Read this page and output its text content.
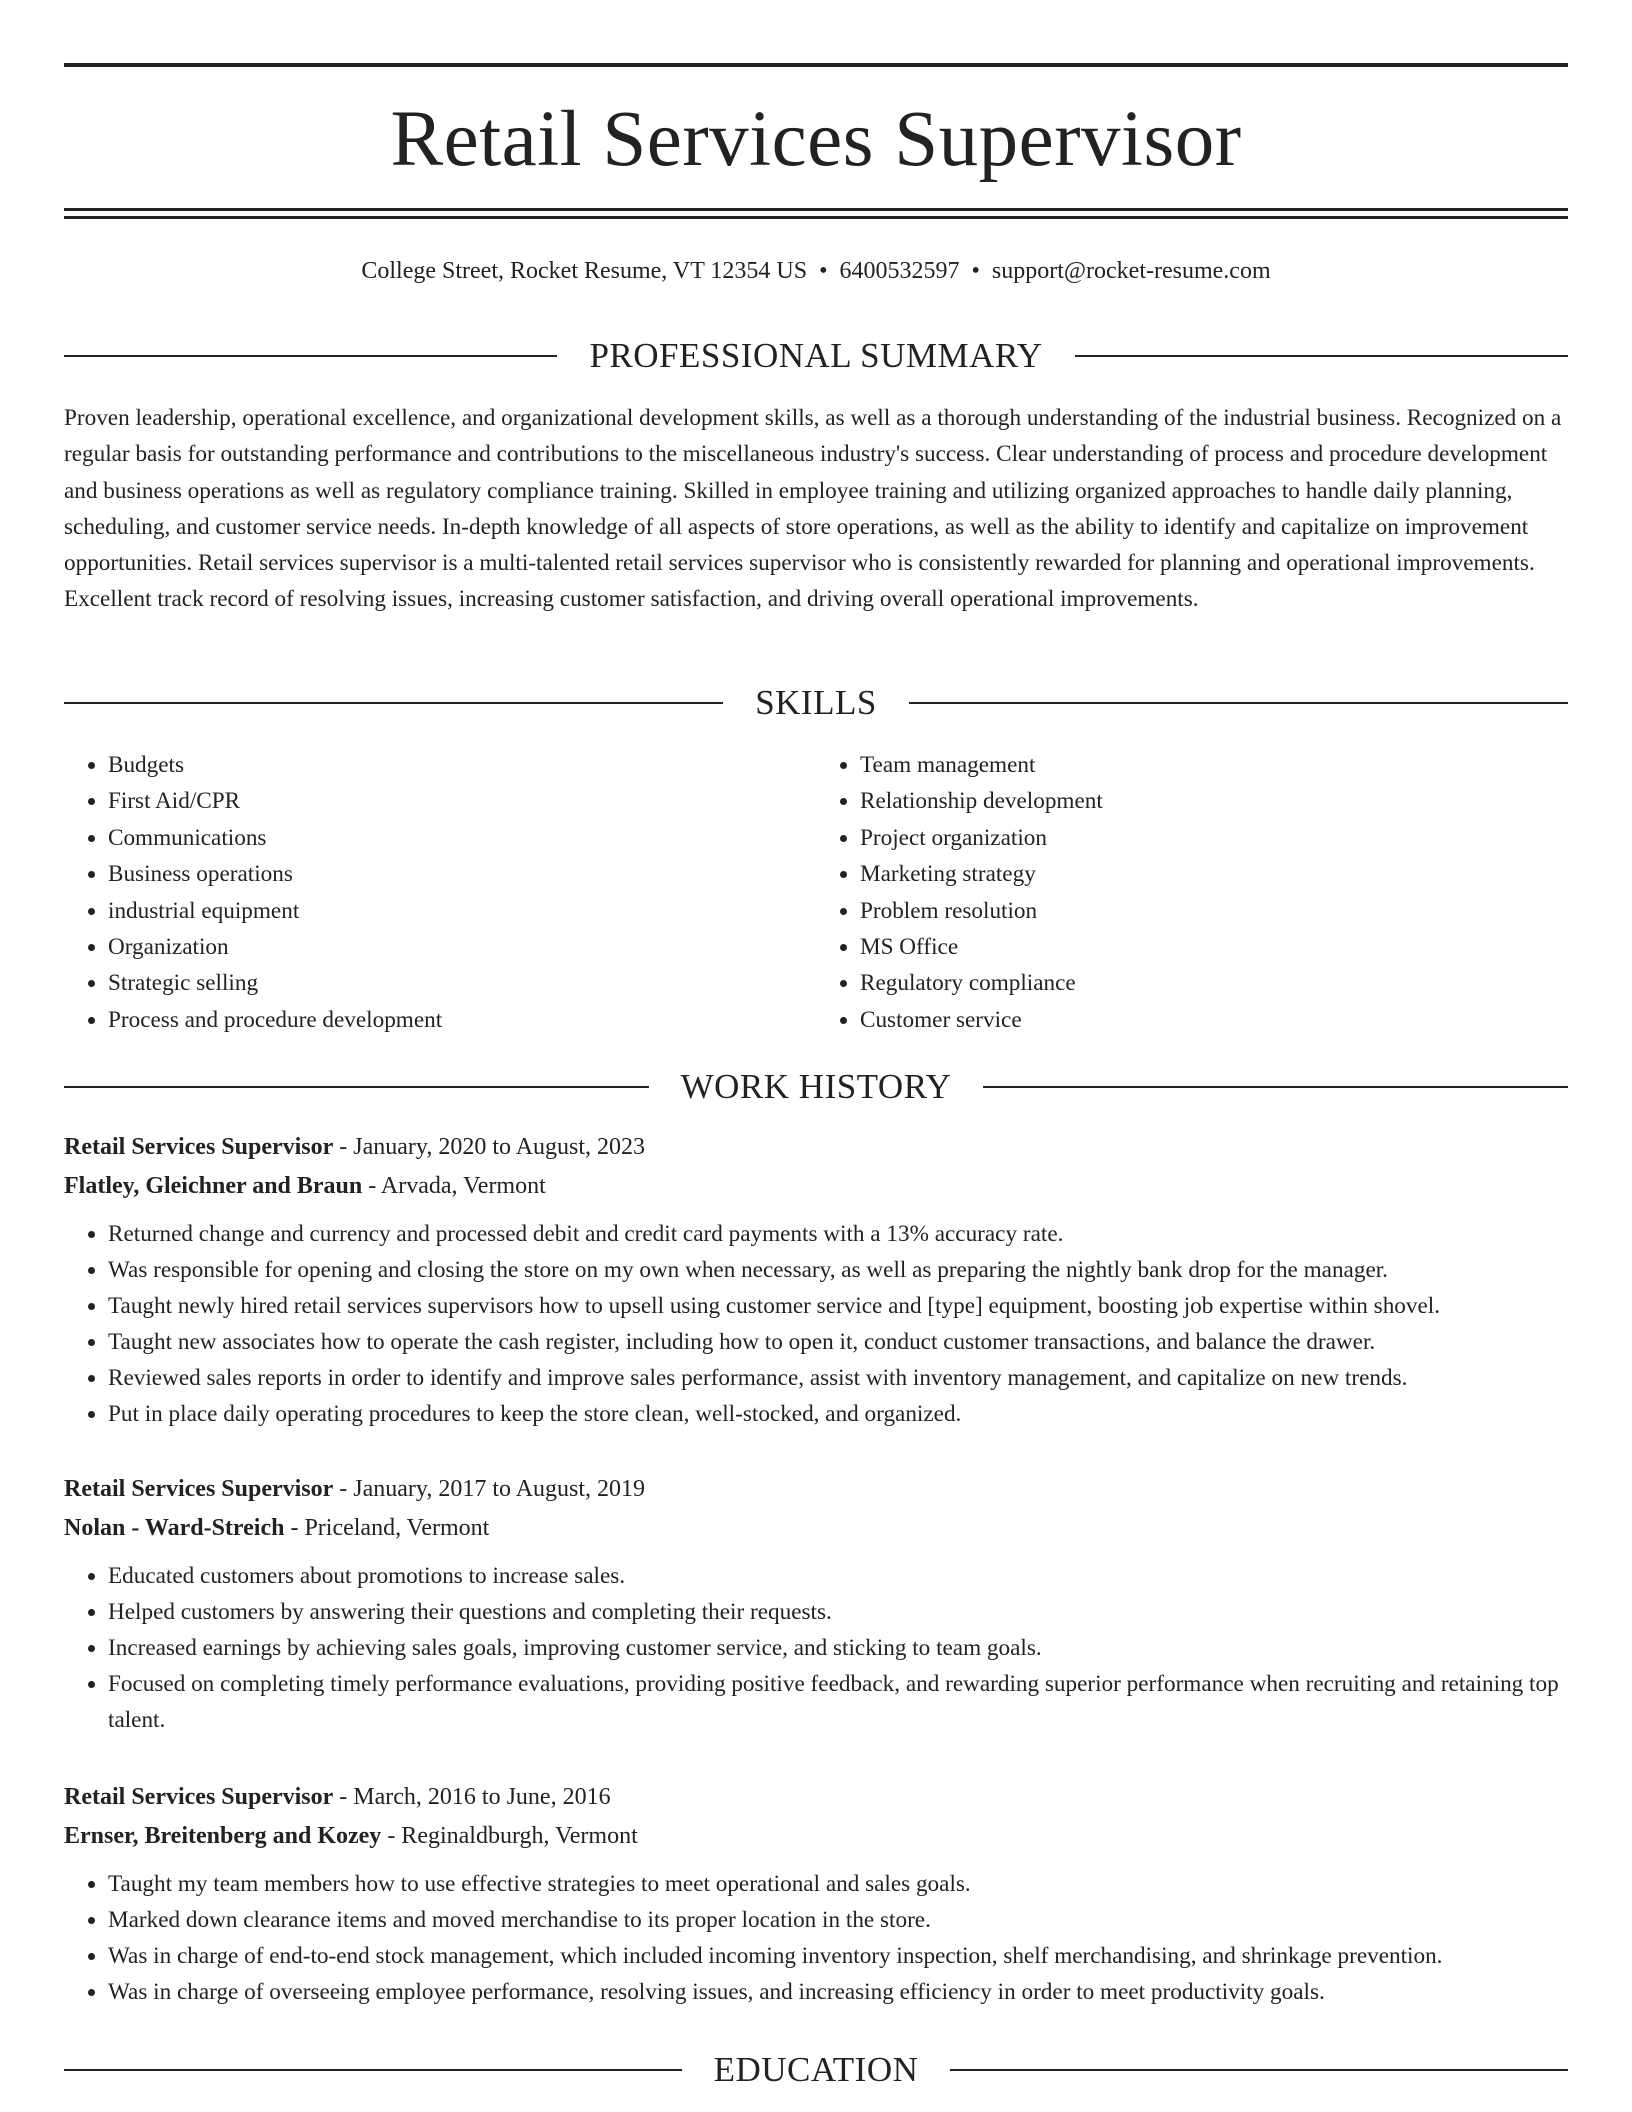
Retail Services Supervisor
College Street, Rocket Resume, VT 12354 US • 6400532597 • support@rocket-resume.com
PROFESSIONAL SUMMARY

Proven leadership, operational excellence, and organizational development skills, as well as a thorough understanding of the industrial business. Recognized on a regular basis for outstanding performance and contributions to the miscellaneous industry's success. Clear understanding of process and procedure development and business operations as well as regulatory compliance training. Skilled in employee training and utilizing organized approaches to handle daily planning, scheduling, and customer service needs. In-depth knowledge of all aspects of store operations, as well as the ability to identify and capitalize on improvement opportunities. Retail services supervisor is a multi-talented retail services supervisor who is consistently rewarded for planning and operational improvements. Excellent track record of resolving issues, increasing customer satisfaction, and driving overall operational improvements.

SKILLS
• Budgets
• First Aid/CPR
• Communications
• Business operations
• industrial equipment
• Organization
• Strategic selling
• Process and procedure development
• Team management
• Relationship development
• Project organization
• Marketing strategy
• Problem resolution
• MS Office
• Regulatory compliance
• Customer service
WORK HISTORY
Retail Services Supervisor - January, 2020 to August, 2023
Flatley, Gleichner and Braun - Arvada, Vermont
• Returned change and currency and processed debit and credit card payments with a 13% accuracy rate.
• Was responsible for opening and closing the store on my own when necessary, as well as preparing the nightly bank drop for the manager.
• Taught newly hired retail services supervisors how to upsell using customer service and [type] equipment, boosting job expertise within shovel.
• Taught new associates how to operate the cash register, including how to open it, conduct customer transactions, and balance the drawer.
• Reviewed sales reports in order to identify and improve sales performance, assist with inventory management, and capitalize on new trends.
• Put in place daily operating procedures to keep the store clean, well-stocked, and organized.
Retail Services Supervisor - January, 2017 to August, 2019
Nolan - Ward-Streich - Priceland, Vermont
• Educated customers about promotions to increase sales.
• Helped customers by answering their questions and completing their requests.
• Increased earnings by achieving sales goals, improving customer service, and sticking to team goals.
• Focused on completing timely performance evaluations, providing positive feedback, and rewarding superior performance when recruiting and retaining top talent.
Retail Services Supervisor - March, 2016 to June, 2016
Ernser, Breitenberg and Kozey - Reginaldburgh, Vermont
• Taught my team members how to use effective strategies to meet operational and sales goals.
• Marked down clearance items and moved merchandise to its proper location in the store.
• Was in charge of end-to-end stock management, which included incoming inventory inspection, shelf merchandising, and shrinkage prevention.
• Was in charge of overseeing employee performance, resolving issues, and increasing efficiency in order to meet productivity goals.
EDUCATION
